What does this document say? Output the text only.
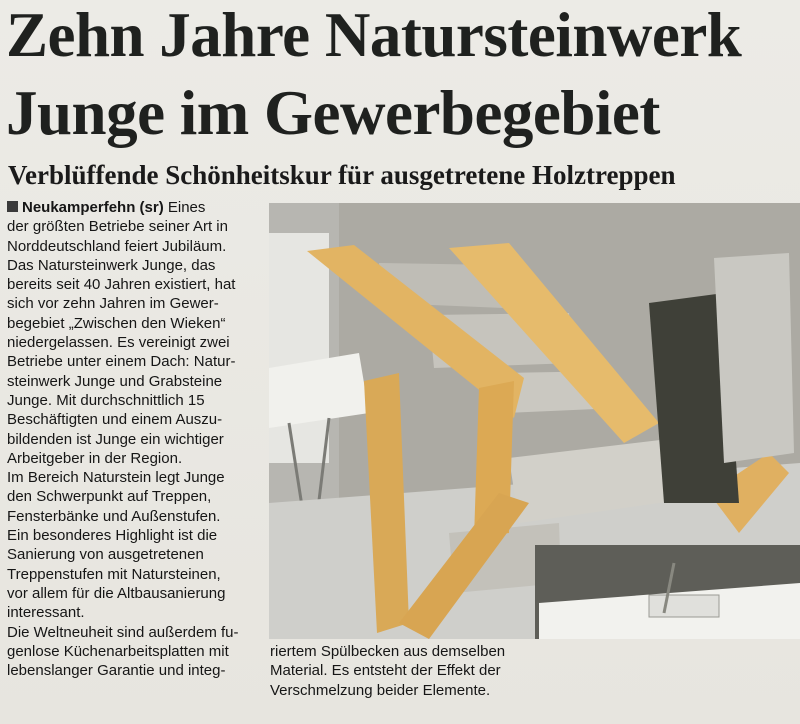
Zehn Jahre Natursteinwerk
Junge im Gewerbegebiet
Verblüffende Schönheitskur für ausgetretene Holztreppen

Neukamperfehn (sr) Eines

der größten Betriebe seiner Art in

Norddeutschland feiert Jubiläum.

Das Natursteinwerk Junge, das

bereits seit 40 Jahren existiert, hat

sich vor zehn Jahren im Gewer-

begebiet „Zwischen den Wieken“

niedergelassen. Es vereinigt zwei

Betriebe unter einem Dach: Natur-

steinwerk Junge und Grabsteine

Junge. Mit durchschnittlich 15

Beschäftigten und einem Auszu-

bildenden ist Junge ein wichtiger

Arbeitgeber in der Region.

Im Bereich Naturstein legt Junge

den Schwerpunkt auf Treppen,

Fensterbänke und Außenstufen.

Ein besonderes Highlight ist die

Sanierung von ausgetretenen

Treppenstufen mit Natursteinen,

vor allem für die Altbausanierung

interessant.

Die Weltneuheit sind außerdem fu-

genlose Küchenarbeitsplatten mit

lebenslanger Garantie und integ-

riertem Spülbecken aus demselben

Material. Es entsteht der Effekt der

Verschmelzung beider Elemente.
